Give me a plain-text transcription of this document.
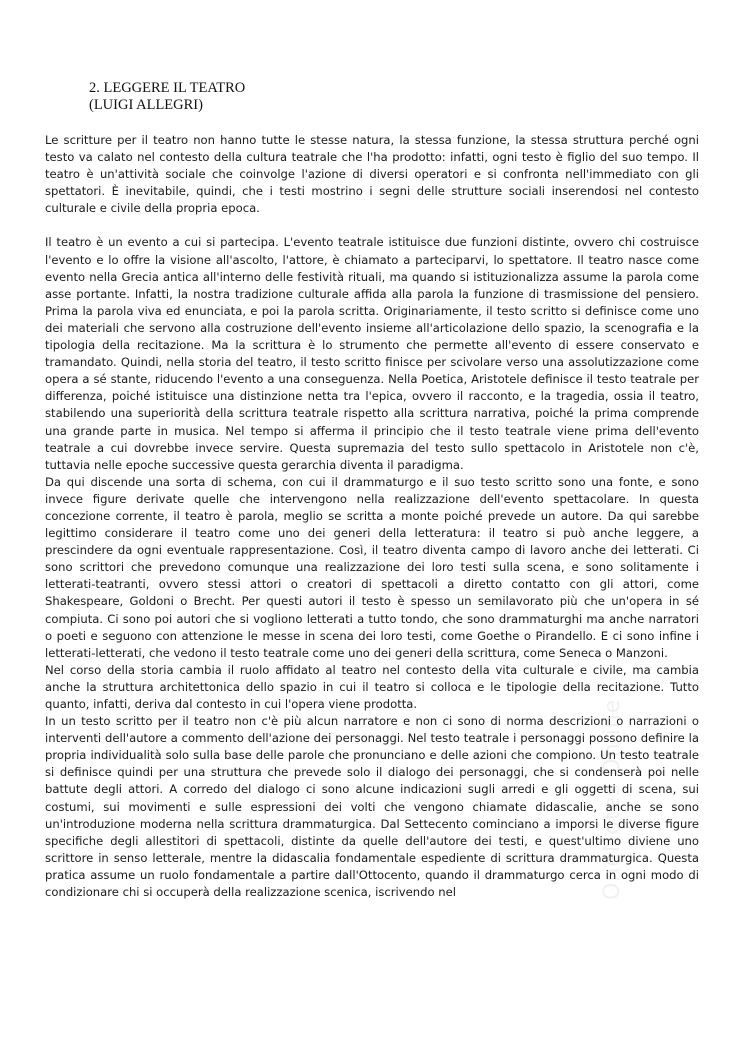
2. LEGGERE IL TEATRO
(LUIGI ALLEGRI)

Le scritture per il teatro non hanno tutte le stesse natura, la stessa funzione, la stessa struttura perché ogni testo va calato nel contesto della cultura teatrale che l'ha prodotto: infatti, ogni testo è figlio del suo tempo. Il teatro è un'attività sociale che coinvolge l'azione di diversi operatori e si confronta nell'immediato con gli spettatori. È inevitabile, quindi, che i testi mostrino i segni delle strutture sociali inserendosi nel contesto culturale e civile della propria epoca.

Il teatro è un evento a cui si partecipa. L'evento teatrale istituisce due funzioni distinte, ovvero chi costruisce l'evento e lo offre la visione all'ascolto, l'attore, è chiamato a parteciparvi, lo spettatore. Il teatro nasce come evento nella Grecia antica all'interno delle festività rituali, ma quando si istituzionalizza assume la parola come asse portante. Infatti, la nostra tradizione culturale affida alla parola la funzione di trasmissione del pensiero. Prima la parola viva ed enunciata, e poi la parola scritta. Originariamente, il testo scritto si definisce come uno dei materiali che servono alla costruzione dell'evento insieme all'articolazione dello spazio, la scenografia e la tipologia della recitazione. Ma la scrittura è lo strumento che permette all'evento di essere conservato e tramandato. Quindi, nella storia del teatro, il testo scritto finisce per scivolare verso una assolutizzazione come opera a sé stante, riducendo l'evento a una conseguenza. Nella Poetica, Aristotele definisce il testo teatrale per differenza, poiché istituisce una distinzione netta tra l'epica, ovvero il racconto, e la tragedia, ossia il teatro, stabilendo una superiorità della scrittura teatrale rispetto alla scrittura narrativa, poiché la prima comprende una grande parte in musica. Nel tempo si afferma il principio che il testo teatrale viene prima dell'evento teatrale a cui dovrebbe invece servire. Questa supremazia del testo sullo spettacolo in Aristotele non c'è, tuttavia nelle epoche successive questa gerarchia diventa il paradigma.

Da qui discende una sorta di schema, con cui il drammaturgo e il suo testo scritto sono una fonte, e sono invece figure derivate quelle che intervengono nella realizzazione dell'evento spettacolare. In questa concezione corrente, il teatro è parola, meglio se scritta a monte poiché prevede un autore. Da qui sarebbe legittimo considerare il teatro come uno dei generi della letteratura: il teatro si può anche leggere, a prescindere da ogni eventuale rappresentazione. Così, il teatro diventa campo di lavoro anche dei letterati. Ci sono scrittori che prevedono comunque una realizzazione dei loro testi sulla scena, e sono solitamente i letterati-teatranti, ovvero stessi attori o creatori di spettacoli a diretto contatto con gli attori, come Shakespeare, Goldoni o Brecht. Per questi autori il testo è spesso un semilavorato più che un'opera in sé compiuta. Ci sono poi autori che si vogliono letterati a tutto tondo, che sono drammaturghi ma anche narratori o poeti e seguono con attenzione le messe in scena dei loro testi, come Goethe o Pirandello. E ci sono infine i letterati-letterati, che vedono il testo teatrale come uno dei generi della scrittura, come Seneca o Manzoni.

Nel corso della storia cambia il ruolo affidato al teatro nel contesto della vita culturale e civile, ma cambia anche la struttura architettonica dello spazio in cui il teatro si colloca e le tipologie della recitazione. Tutto quanto, infatti, deriva dal contesto in cui l'opera viene prodotta.

In un testo scritto per il teatro non c'è più alcun narratore e non ci sono di norma descrizioni o narrazioni o interventi dell'autore a commento dell'azione dei personaggi. Nel testo teatrale i personaggi possono definire la propria individualità solo sulla base delle parole che pronunciano e delle azioni che compiono. Un testo teatrale si definisce quindi per una struttura che prevede solo il dialogo dei personaggi, che si condenserà poi nelle battute degli attori. A corredo del dialogo ci sono alcune indicazioni sugli arredi e gli oggetti di scena, sui costumi, sui movimenti e sulle espressioni dei volti che vengono chiamate didascalie, anche se sono un'introduzione moderna nella scrittura drammaturgica. Dal Settecento cominciano a imporsi le diverse figure specifiche degli allestitori di spettacoli, distinte da quelle dell'autore dei testi, e quest'ultimo diviene uno scrittore in senso letterale, mentre la didascalia fondamentale espediente di scrittura drammaturgica. Questa pratica assume un ruolo fondamentale a partire dall'Ottocento, quando il drammaturgo cerca in ogni modo di condizionare chi si occuperà della realizzazione scenica, iscrivendo nel	OneNotes Online
